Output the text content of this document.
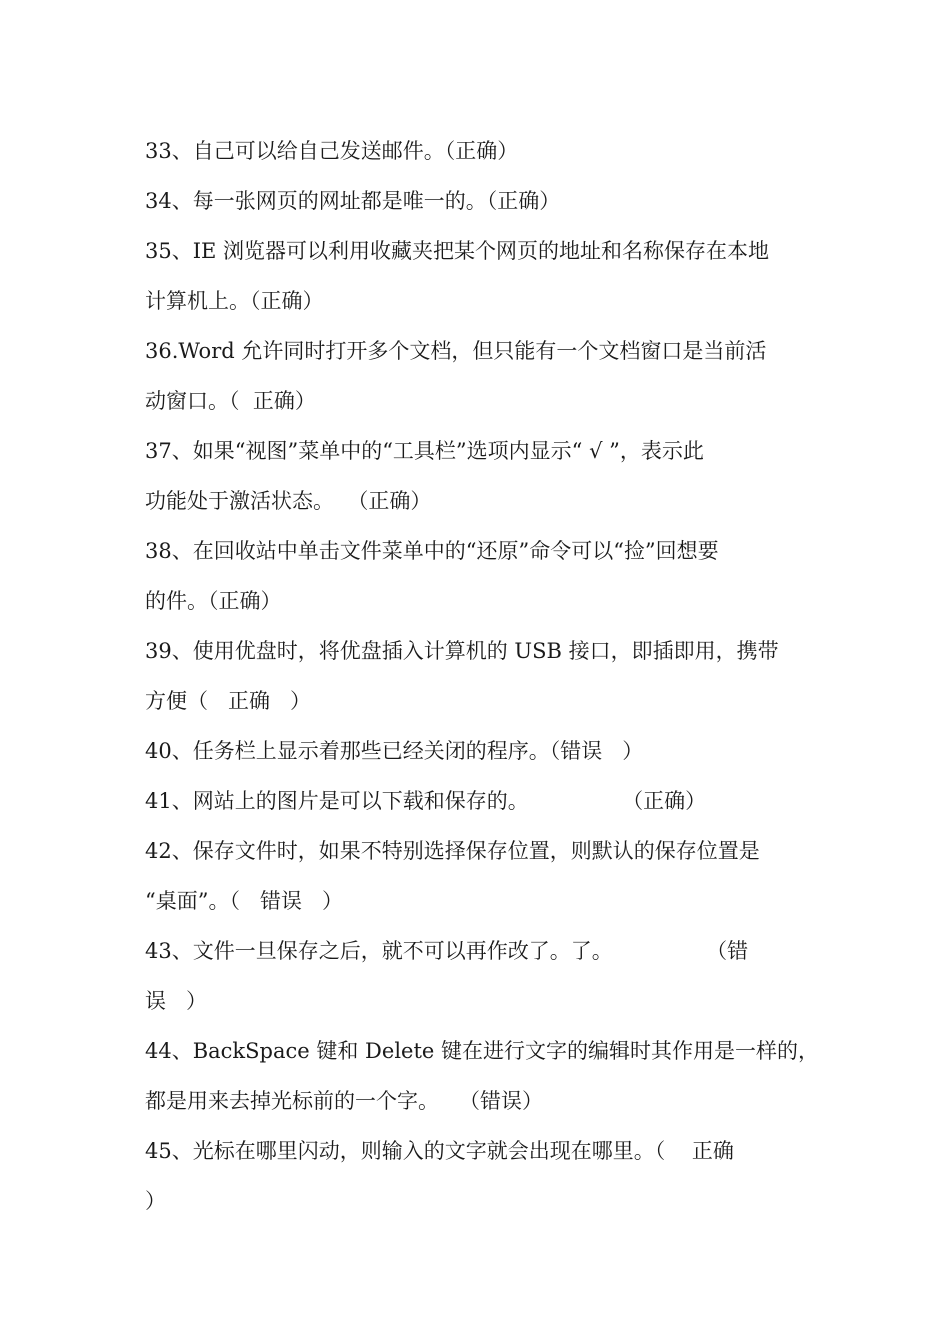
33、自己可以给自己发送邮件。（正确）
34、每一张网页的网址都是唯一的。（正确）
35、IE 浏览器可以利用收藏夹把某个网页的地址和名称保存在本地
计算机上。（正确）
36.Word 允许同时打开多个文档，但只能有一个文档窗口是当前活
动窗口。（  正确）
37、如果“视图”菜单中的“工具栏”选项内显示“ √ ”，表示此
功能处于激活状态。  （正确）
38、在回收站中单击文件菜单中的“还原”命令可以“捡”回想要
的件。（正确）
39、使用优盘时，将优盘插入计算机的 USB 接口，即插即用，携带
方便（   正确   ）
40、任务栏上显示着那些已经关闭的程序。（错误   ）
41、网站上的图片是可以下载和保存的。              （正确）
42、保存文件时，如果不特别选择保存位置，则默认的保存位置是
“桌面”。（   错误   ）
43、文件一旦保存之后，就不可以再作改了。了。              （错
误   ）
44、BackSpace 键和 Delete 键在进行文字的编辑时其作用是一样的，
都是用来去掉光标前的一个字。   （错误）
45、光标在哪里闪动，则输入的文字就会出现在哪里。（    正确
）
